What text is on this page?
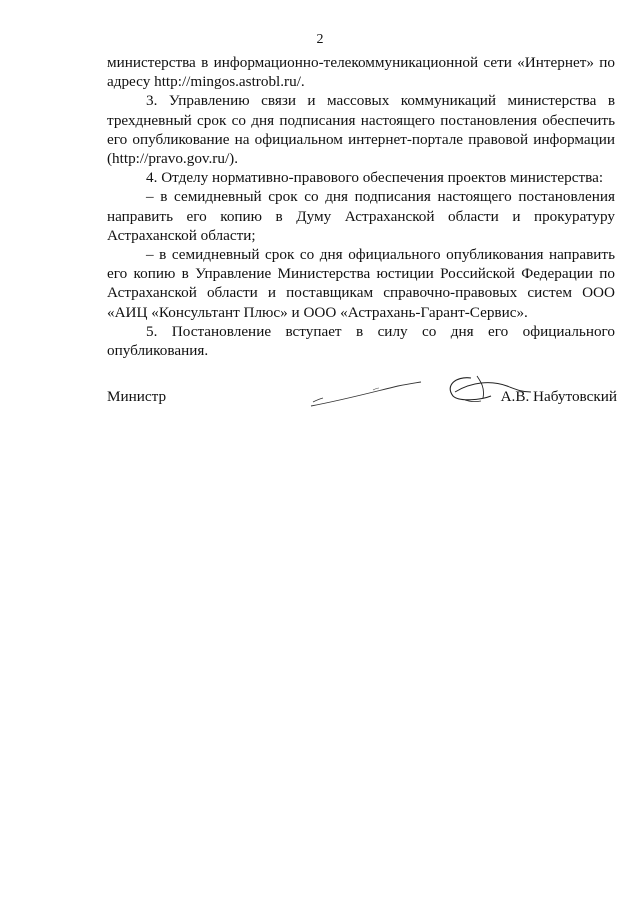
2

министерства в информационно-телекоммуникационной сети «Интернет» по адресу http://mingos.astrobl.ru/.

3. Управлению связи и массовых коммуникаций министерства в трехдневный срок со дня подписания настоящего постановления обеспечить его опубликование на официальном интернет-портале правовой информации (http://pravo.gov.ru/).

4. Отделу нормативно-правового обеспечения проектов министерства:

– в семидневный срок со дня подписания настоящего постановления направить его копию в Думу Астраханской области и прокуратуру Астраханской области;

– в семидневный срок со дня официального опубликования направить его копию в Управление Министерства юстиции Российской Федерации по Астраханской области и поставщикам справочно-правовых систем ООО «АИЦ «Консультант Плюс» и ООО «Астрахань-Гарант-Сервис».

5. Постановление вступает в силу со дня его официального опубликования.

Министр	А.В. Набутовский
